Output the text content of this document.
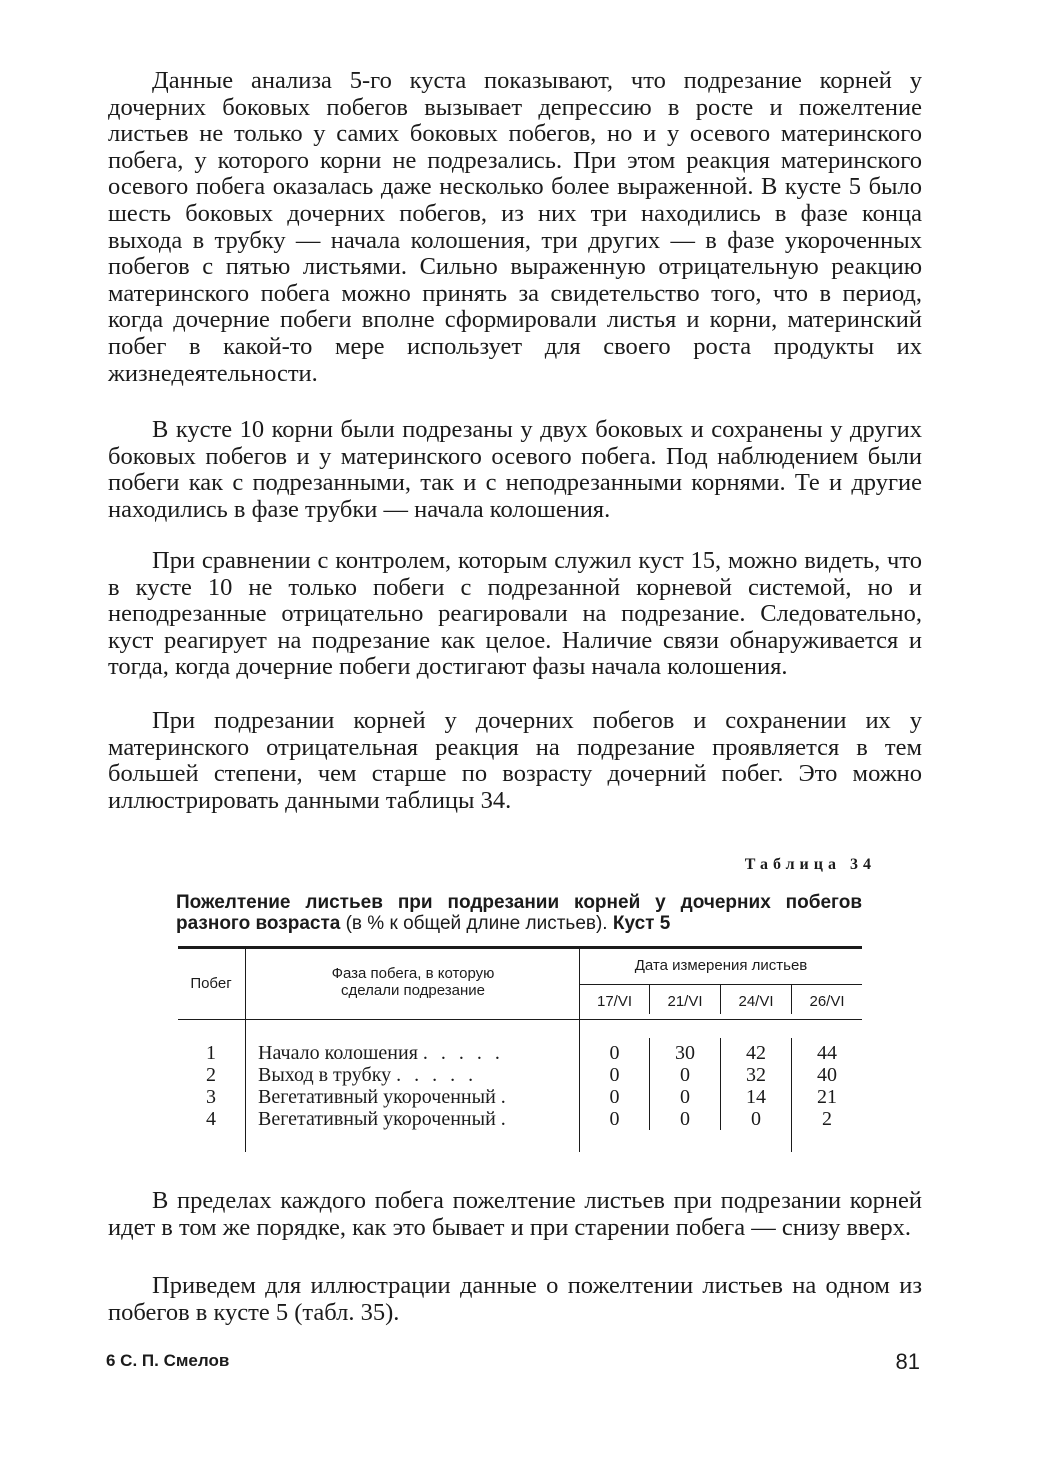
Данные анализа 5-го куста показывают, что подрезание корней у дочерних боковых побегов вызывает депрессию в росте и пожелтение листьев не только у самих боковых побегов, но и у осевого материнского побега, у которого корни не подрезались. При этом реакция материнского осевого побега оказалась даже несколько более выраженной. В кусте 5 было шесть боковых дочерних побегов, из них три находились в фазе конца выхода в трубку — начала колошения, три других — в фазе укороченных побегов с пятью листьями. Сильно выраженную отрицательную реакцию материнского побега можно принять за свидетельство того, что в период, когда дочерние побеги вполне сформировали листья и корни, материнский побег в какой-то мере использует для своего роста продукты их жизнедеятельности.

В кусте 10 корни были подрезаны у двух боковых и сохранены у других боковых побегов и у материнского осевого побега. Под наблюдением были побеги как с подрезанными, так и с неподрезанными корнями. Те и другие находились в фазе трубки — начала колошения.

При сравнении с контролем, которым служил куст 15, можно видеть, что в кусте 10 не только побеги с подрезанной корневой системой, но и неподрезанные отрицательно реагировали на подрезание. Следовательно, куст реагирует на подрезание как целое. Наличие связи обнаруживается и тогда, когда дочерние побеги достигают фазы начала колошения.

При подрезании корней у дочерних побегов и сохранении их у материнского отрицательная реакция на подрезание проявляется в тем большей степени, чем старше по возрасту дочерний побег. Это можно иллюстрировать данными таблицы 34.

Таблица 34
Пожелтение листьев при подрезании корней у дочерних побегов разного возраста (в % к общей длине листьев). Куст 5
Побег
Фаза побега, в которую
сделали подрезание
Дата измерения листьев
17/VI	21/VI	24/VI	26/VI
1	Начало колошения . . . . .	0	30	42	44
2	Выход в трубку . . . . .	0	0	32	40
3	Вегетативный укороченный .	0	0	14	21
4	Вегетативный укороченный .	0	0	0	2

В пределах каждого побега пожелтение листьев при подрезании корней идет в том же порядке, как это бывает и при старении побега — снизу вверх.

Приведем для иллюстрации данные о пожелтении листьев на одном из побегов в кусте 5 (табл. 35).

6 С. П. Смелов	81
